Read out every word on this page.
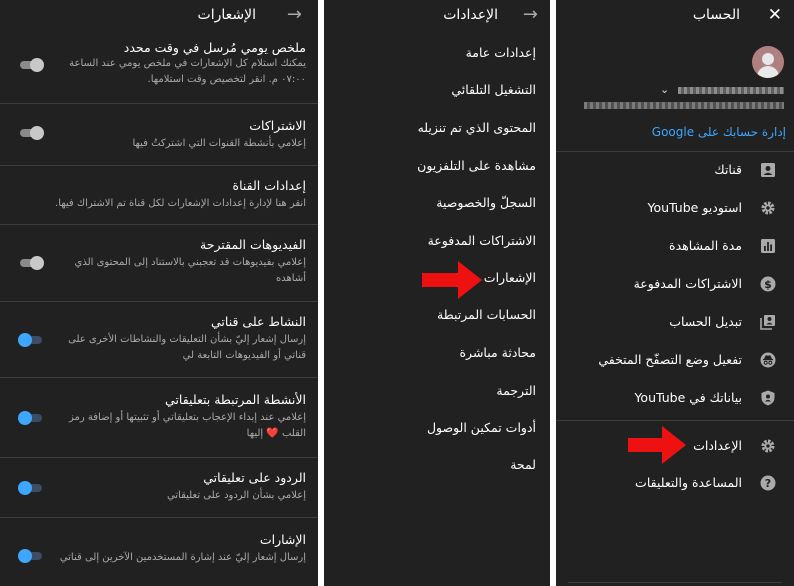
الإشعارات →
ملخص يومي مُرسل في وقت محدد
يمكنك استلام كل الإشعارات في ملخص يومي عند الساعة ٠٧:٠٠ م. انقر لتخصيص وقت استلامها.
الاشتراكات
إعلامي بأنشطة القنوات التي اشتركتُ فيها
إعدادات القناة
انقر هنا لإدارة إعدادات الإشعارات لكل قناة تم الاشتراك فيها.
الفيديوهات المقترحة
إعلامي بفيديوهات قد تعجبني بالاستناد إلى المحتوى الذي أشاهده
النشاط على قناتي
إرسال إشعار إليّ بشأن التعليقات والنشاطات الأخرى على قناتي أو الفيديوهات التابعة لي
الأنشطة المرتبطة بتعليقاتي
إعلامي عند إبداء الإعجاب بتعليقاتي أو تثبيتها أو إضافة رمز القلب ❤️ إليها
الردود على تعليقاتي
إعلامي بشأن الردود على تعليقاتي
الإشارات
إرسال إشعار إليّ عند إشارة المستخدمين الآخرين إلى قناتي
الإعدادات →
إعدادات عامة
التشغيل التلقائي
المحتوى الذي تم تنزيله
مشاهدة على التلفزيون
السجلّ والخصوصية
الاشتراكات المدفوعة
الإشعارات
الحسابات المرتبطة
محادثة مباشرة
الترجمة
أدوات تمكين الوصول
لمحة
الحساب ✕
⌄
إدارة حسابك على Google
قناتك
استوديو YouTube
مدة المشاهدة
الاشتراكات المدفوعة $
تبديل الحساب
تفعيل وضع التصفّح المتخفي
بياناتك في YouTube
الإعدادات
المساعدة والتعليقات ?
